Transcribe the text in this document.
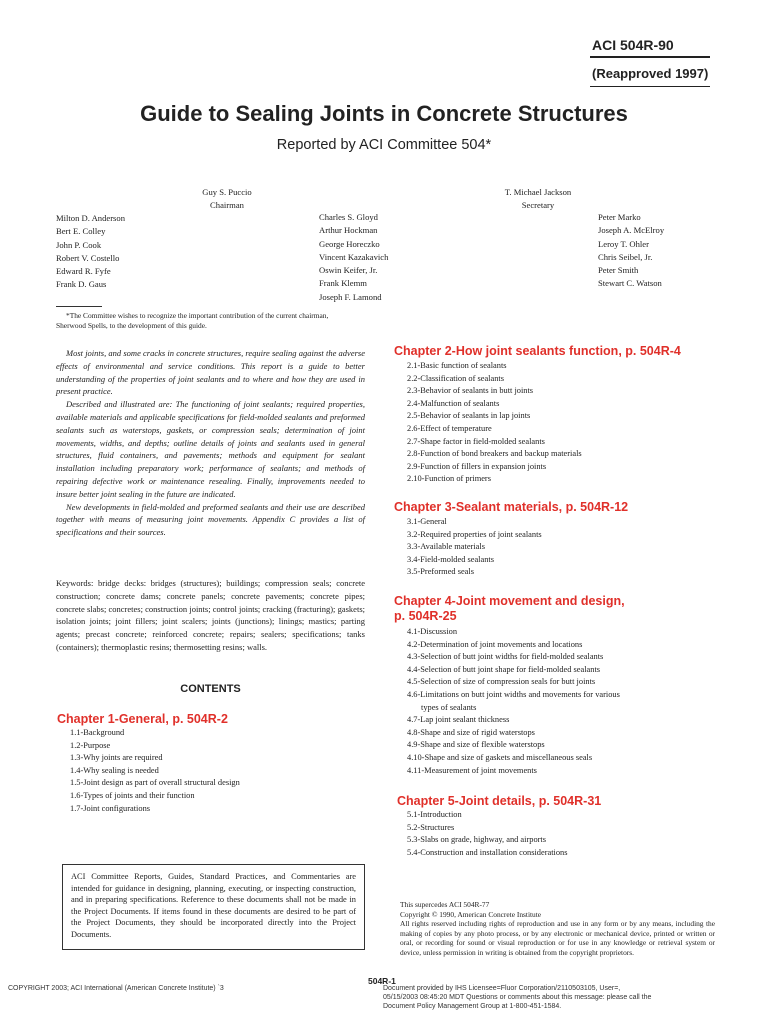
ACI 504R-90
(Reapproved 1997)
Guide to Sealing Joints in Concrete Structures
Reported by ACI Committee 504*
Guy S. Puccio
Chairman
T. Michael Jackson
Secretary
Milton D. Anderson
Bert E. Colley
John P. Cook
Robert V. Costello
Edward R. Fyfe
Frank D. Gaus
Charles S. Gloyd
Arthur Hockman
George Horeczko
Vincent Kazakavich
Oswin Keifer, Jr.
Frank Klemm
Joseph F. Lamond
Peter Marko
Joseph A. McElroy
Leroy T. Ohler
Chris Seibel, Jr.
Peter Smith
Stewart C. Watson
*The Committee wishes to recognize the important contribution of the current chairman, Sherwood Spells, to the development of this guide.
Most joints, and some cracks in concrete structures, require sealing against the adverse effects of environmental and service conditions. This report is a guide to better understanding of the properties of joint sealants and to where and how they are used in present practice.
Described and illustrated are: The functioning of joint sealants; required properties, available materials and applicable specifications for field-molded sealants and preformed sealants such as waterstops, gaskets, or compression seals; determination of joint movements, widths, and depths; outline details of joints and sealants used in general structures, fluid containers, and pavements; methods and equipment for sealant installation including preparatory work; performance of sealants; and methods of repairing defective work or maintenance resealing. Finally, improvements needed to insure better joint sealing in the future are indicated.
New developments in field-molded and preformed sealants and their use are described together with means of measuring joint movements. Appendix C provides a list of specifications and their sources.
Keywords: bridge decks: bridges (structures); buildings; compression seals; concrete construction; concrete dams; concrete panels; concrete pavements; concrete pipes; concrete slabs; concretes; construction joints; control joints; cracking (fracturing); gaskets; isolation joints; joint fillers; joint scalers; joints (junctions); linings; mastics; parting agents; precast concrete; reinforced concrete; repairs; sealers; specifications; tanks (containers); thermoplastic resins; thermosetting resins; walls.
CONTENTS
Chapter 1-General, p. 504R-2
1.1-Background
1.2-Purpose
1.3-Why joints are required
1.4-Why sealing is needed
1.5-Joint design as part of overall structural design
1.6-Types of joints and their function
1.7-Joint configurations
ACI Committee Reports, Guides, Standard Practices, and Commentaries are intended for guidance in designing, planning, executing, or inspecting construction, and in preparing specifications. Reference to these documents shall not be made in the Project Documents. If items found in these documents are desired to be part of the Project Documents, they should be incorporated directly into the Project Documents.
Chapter 2-How joint sealants function, p. 504R-4
2.1-Basic function of sealants
2.2-Classification of sealants
2.3-Behavior of sealants in butt joints
2.4-Malfunction of sealants
2.5-Behavior of sealants in lap joints
2.6-Effect of temperature
2.7-Shape factor in field-molded sealants
2.8-Function of bond breakers and backup materials
2.9-Function of fillers in expansion joints
2.10-Function of primers
Chapter 3-Sealant materials, p. 504R-12
3.1-General
3.2-Required properties of joint sealants
3.3-Available materials
3.4-Field-molded sealants
3.5-Preformed seals
Chapter 4-Joint movement and design,
p. 504R-25
4.1-Discussion
4.2-Determination of joint movements and locations
4.3-Selection of butt joint widths for field-molded sealants
4.4-Selection of butt joint shape for field-molded sealants
4.5-Selection of size of compression seals for butt joints
4.6-Limitations on butt joint widths and movements for various
types of sealants
4.7-Lap joint sealant thickness
4.8-Shape and size of rigid waterstops
4.9-Shape and size of flexible waterstops
4.10-Shape and size of gaskets and miscellaneous seals
4.11-Measurement of joint movements
Chapter 5-Joint details, p. 504R-31
5.1-Introduction
5.2-Structures
5.3-Slabs on grade, highway, and airports
5.4-Construction and installation considerations
This supercedes ACI 504R-77
Copyright © 1990, American Concrete Institute
All rights reserved including rights of reproduction and use in any form or by any means, including the making of copies by any photo process, or by any electronic or mechanical device, printed or written or oral, or recording for sound or visual reproduction or for use in any knowledge or retrieval system or device, unless permission in writing is obtained from the copyright proprietors.
504R-1
COPYRIGHT 2003; ACI International (American Concrete Institute) `3	Document provided by IHS Licensee=Fluor Corporation/2110503105, User=, 05/15/2003 08:45:20 MDT Questions or comments about this message: please call the Document Policy Management Group at 1-800-451-1584.
